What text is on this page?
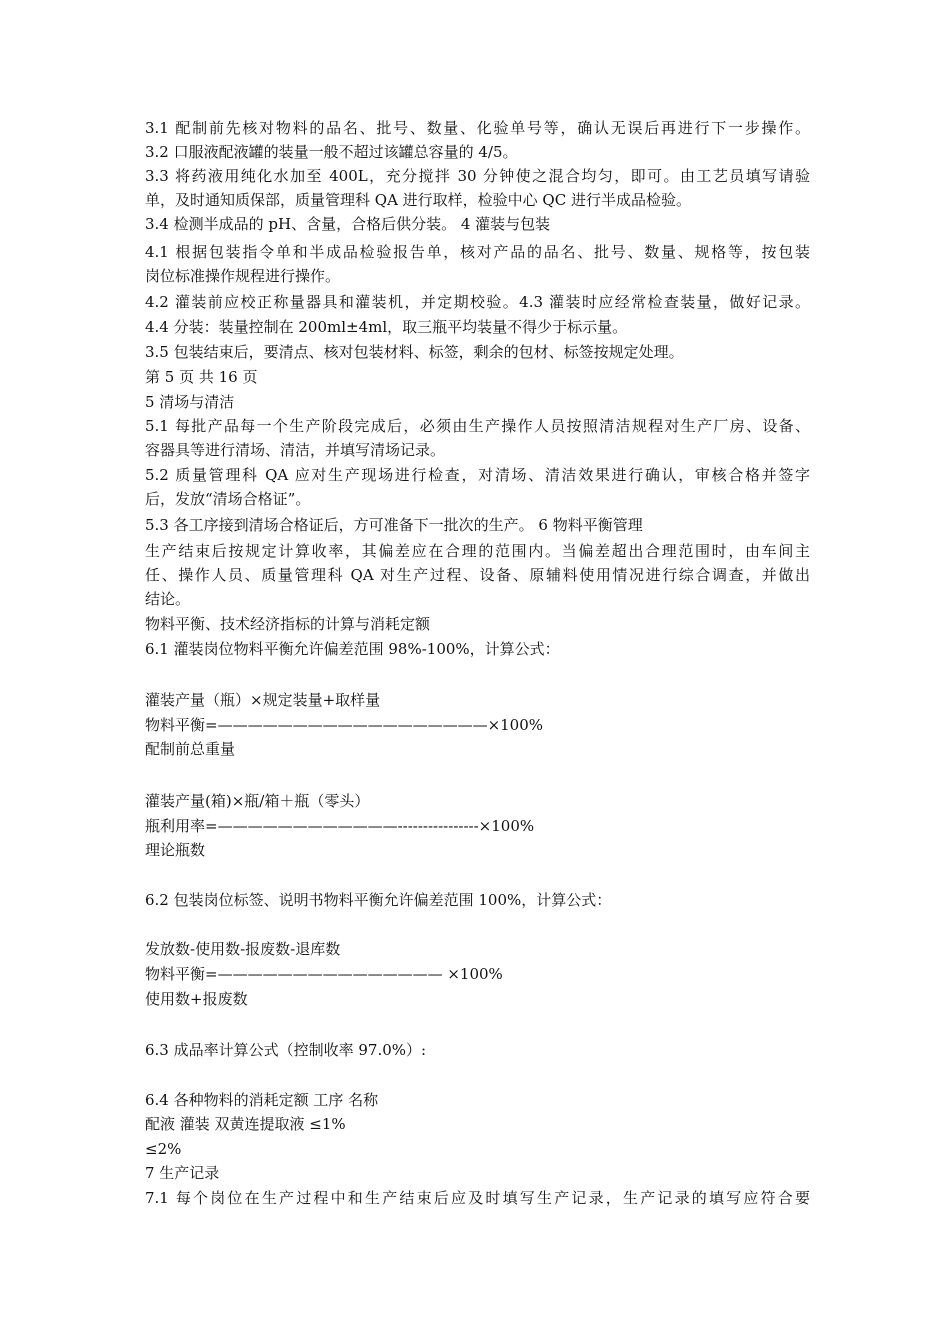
3.1 配制前先核对物料的品名、批号、数量、化验单号等，确认无误后再进行下一步操作。
3.2 口服液配液罐的装量一般不超过该罐总容量的 4/5。
3.3 将药液用纯化水加至 400L，充分搅拌 30 分钟使之混合均匀，即可。由工艺员填写请验
单，及时通知质保部，质量管理科 QA 进行取样，检验中心 QC 进行半成品检验。
3.4 检测半成品的 pH、含量，合格后供分装。 4 灌装与包装
4.1 根据包装指令单和半成品检验报告单，核对产品的品名、批号、数量、规格等，按包装
岗位标准操作规程进行操作。
4.2 灌装前应校正称量器具和灌装机，并定期校验。4.3 灌装时应经常检查装量，做好记录。
4.4 分装：装量控制在 200ml±4ml，取三瓶平均装量不得少于标示量。
3.5 包装结束后，要清点、核对包装材料、标签，剩余的包材、标签按规定处理。
第 5 页 共 16 页
5 清场与清洁
5.1 每批产品每一个生产阶段完成后，必须由生产操作人员按照清洁规程对生产厂房、设备、
容器具等进行清场、清洁，并填写清场记录。
5.2 质量管理科 QA 应对生产现场进行检查，对清场、清洁效果进行确认，审核合格并签字
后，发放“清场合格证”。
5.3 各工序接到清场合格证后，方可准备下一批次的生产。 6 物料平衡管理
生产结束后按规定计算收率，其偏差应在合理的范围内。当偏差超出合理范围时，由车间主
任、操作人员、质量管理科 QA 对生产过程、设备、原辅料使用情况进行综合调查，并做出
结论。
物料平衡、技术经济指标的计算与消耗定额
6.1 灌装岗位物料平衡允许偏差范围 98%-100%，计算公式：
灌装产量（瓶）×规定装量+取样量
物料平衡=——————————————————×100%
配制前总重量
灌装产量(箱)×瓶/箱＋瓶（零头）
瓶利用率=————————————----------------×100%
理论瓶数
6.2 包装岗位标签、说明书物料平衡允许偏差范围 100%，计算公式：
发放数-使用数-报废数-退库数
物料平衡=——————————————— ×100%
使用数+报废数
6.3 成品率计算公式（控制收率 97.0%）:
6.4 各种物料的消耗定额 工序 名称
配液 灌装 双黄连提取液 ≤1%
≤2%
7 生产记录
7.1 每个岗位在生产过程中和生产结束后应及时填写生产记录，生产记录的填写应符合要
